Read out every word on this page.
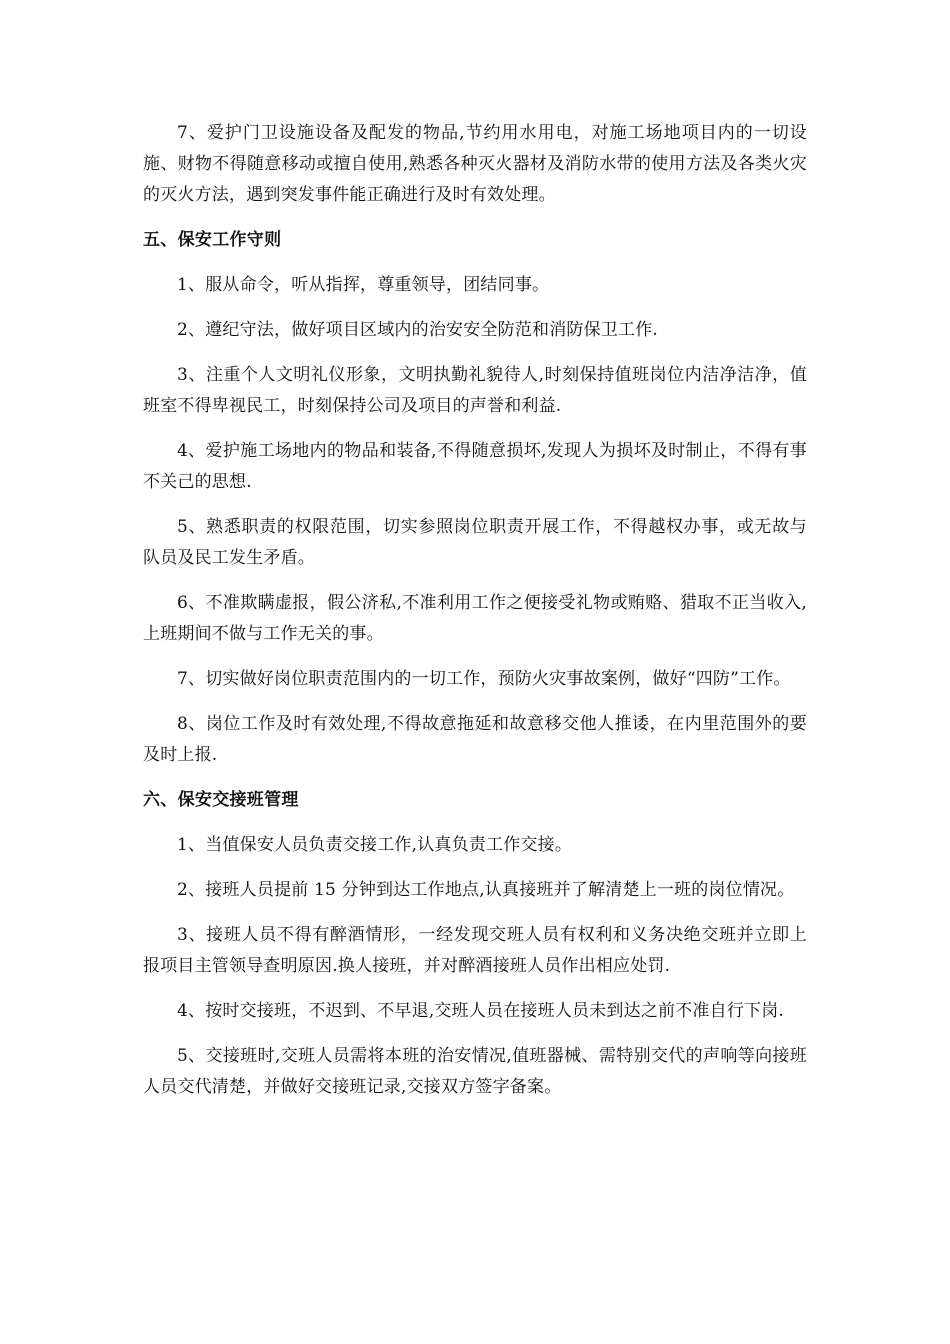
7、爱护门卫设施设备及配发的物品,节约用水用电，对施工场地项目内的一切设施、财物不得随意移动或擅自使用,熟悉各种灭火器材及消防水带的使用方法及各类火灾的灭火方法，遇到突发事件能正确进行及时有效处理。

五、保安工作守则

1、服从命令，听从指挥，尊重领导，团结同事。

2、遵纪守法，做好项目区域内的治安安全防范和消防保卫工作.

3、注重个人文明礼仪形象，文明执勤礼貌待人,时刻保持值班岗位内洁净洁净，值班室不得卑视民工，时刻保持公司及项目的声誉和利益.

4、爱护施工场地内的物品和装备,不得随意损坏,发现人为损坏及时制止，不得有事不关己的思想.

5、熟悉职责的权限范围，切实参照岗位职责开展工作，不得越权办事，或无故与队员及民工发生矛盾。

6、不准欺瞒虚报，假公济私,不准利用工作之便接受礼物或贿赂、猎取不正当收入,上班期间不做与工作无关的事。

7、切实做好岗位职责范围内的一切工作，预防火灾事故案例，做好“四防”工作。

8、岗位工作及时有效处理,不得故意拖延和故意移交他人推诿，在内里范围外的要及时上报.

六、保安交接班管理

1、当值保安人员负责交接工作,认真负责工作交接。

2、接班人员提前 15 分钟到达工作地点,认真接班并了解清楚上一班的岗位情况。

3、接班人员不得有醉酒情形，一经发现交班人员有权利和义务决绝交班并立即上报项目主管领导查明原因.换人接班，并对醉酒接班人员作出相应处罚.

4、按时交接班，不迟到、不早退,交班人员在接班人员未到达之前不准自行下岗.

5、交接班时,交班人员需将本班的治安情况,值班器械、需特别交代的声响等向接班人员交代清楚，并做好交接班记录,交接双方签字备案。
